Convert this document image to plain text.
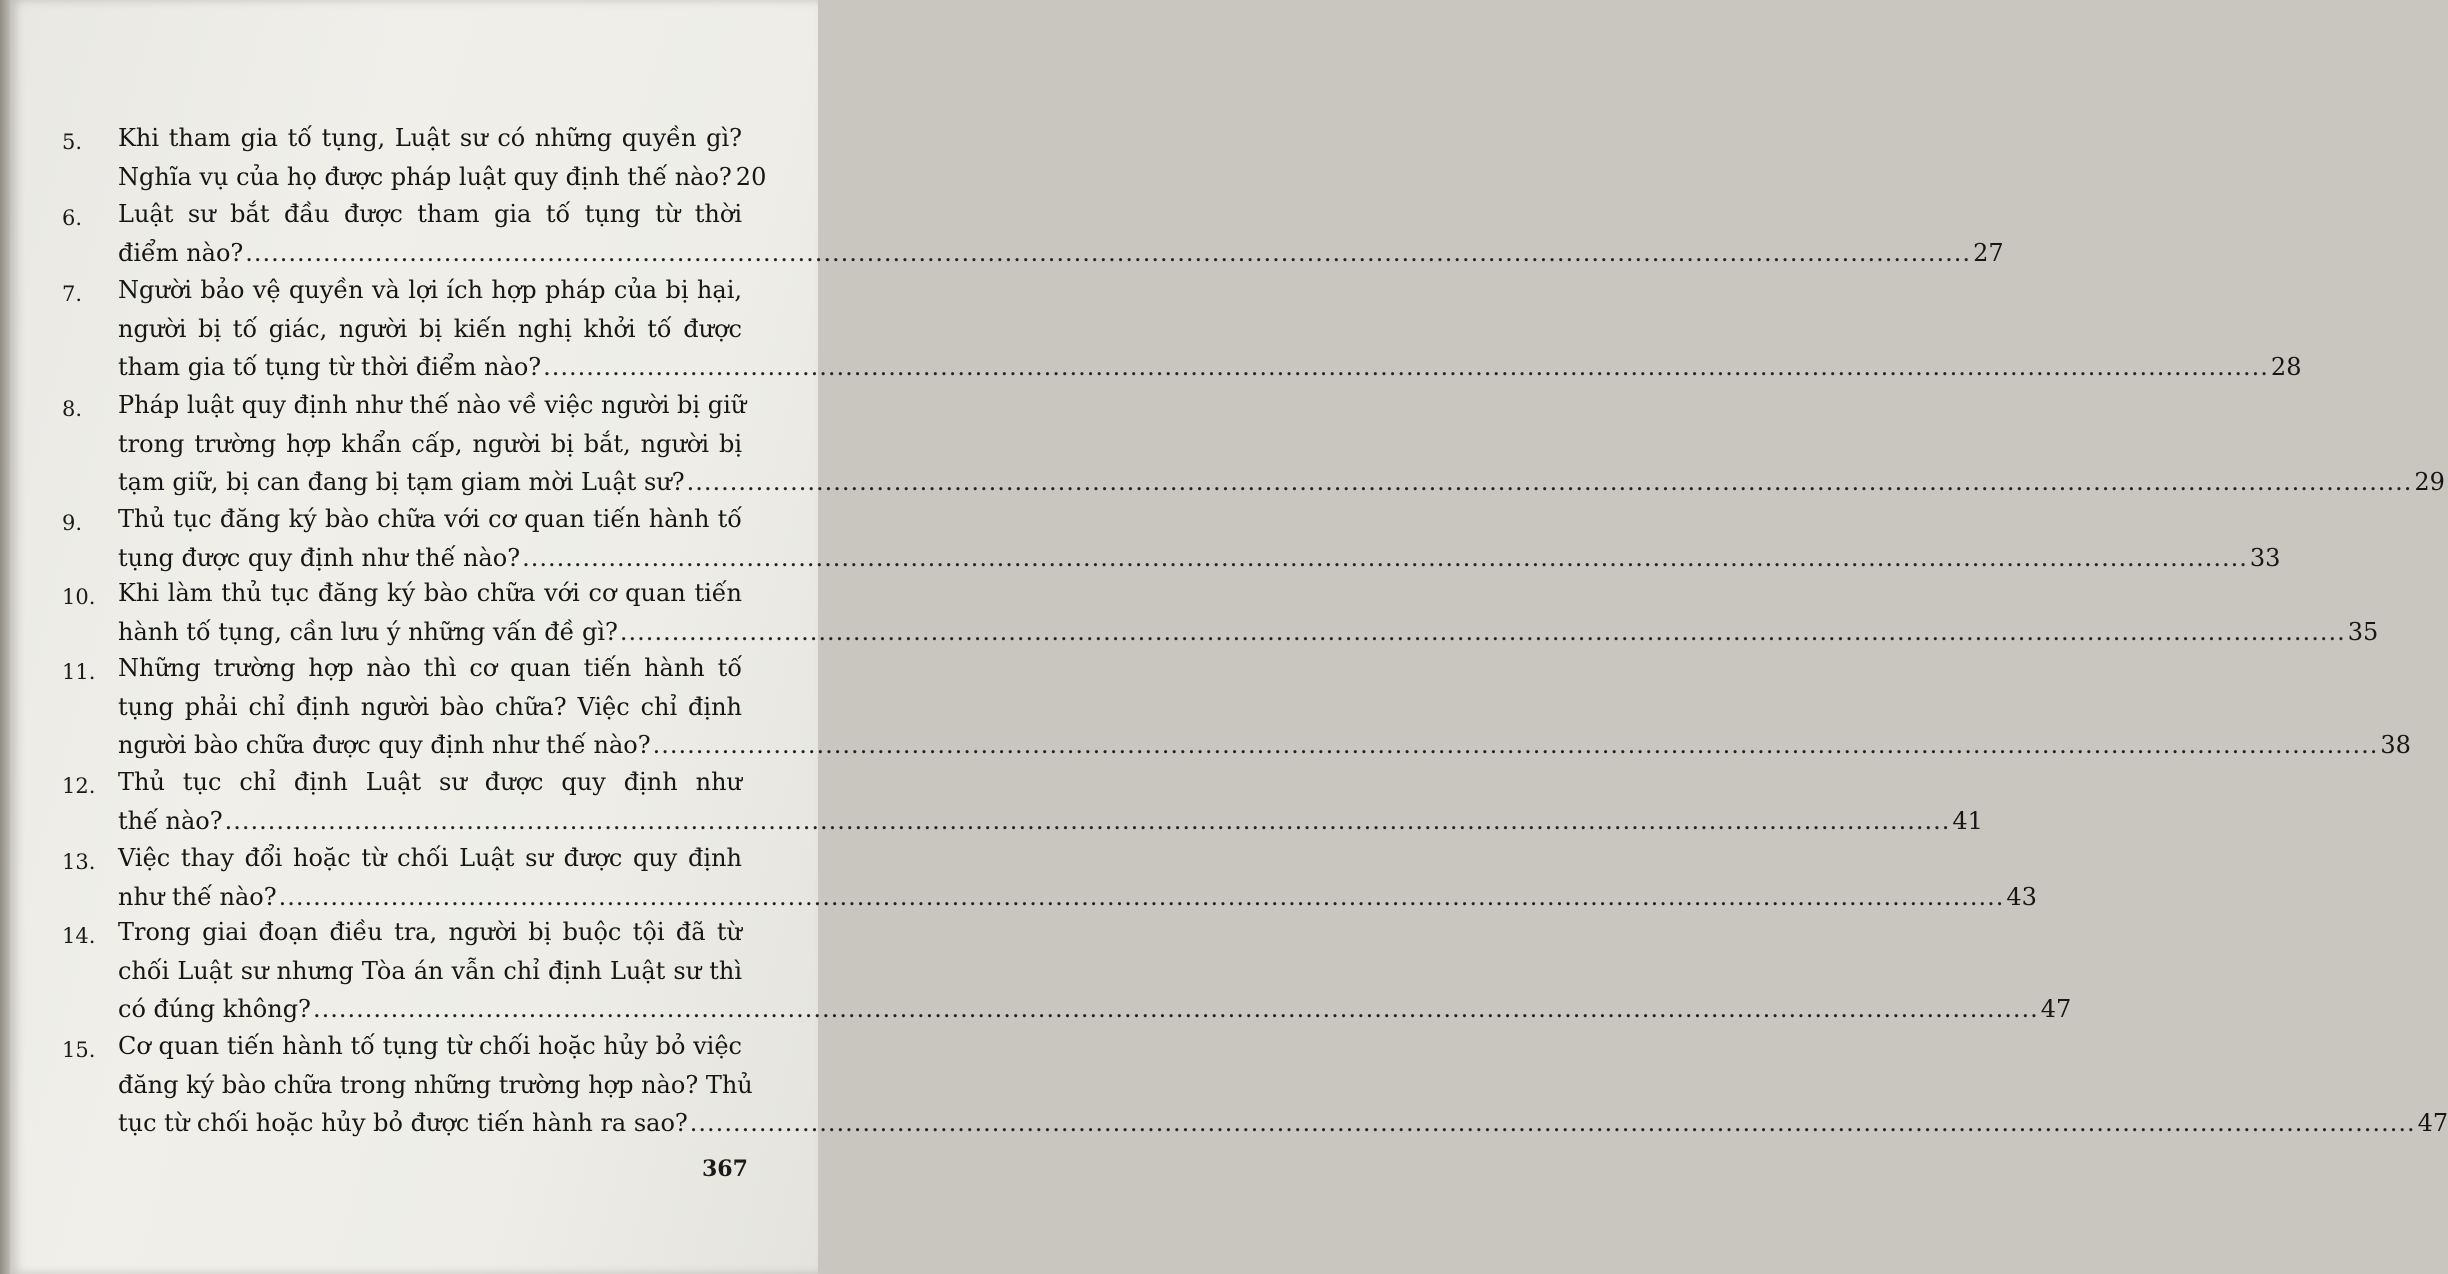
5.	Khi tham gia tố tụng, Luật sư có những quyền gì?
Nghĩa vụ của họ được pháp luật quy định thế nào? 20
6.	Luật sư bắt đầu được tham gia tố tụng từ thời
điểm nào? ........................................................................................................................................................................................................ 27
7.	Người bảo vệ quyền và lợi ích hợp pháp của bị hại,
người bị tố giác, người bị kiến nghị khởi tố được
tham gia tố tụng từ thời điểm nào? ........................................................................................................................................................................................................ 28
8.	Pháp luật quy định như thế nào về việc người bị giữ
trong trường hợp khẩn cấp, người bị bắt, người bị
tạm giữ, bị can đang bị tạm giam mời Luật sư? ........................................................................................................................................................................................................ 29
9.	Thủ tục đăng ký bào chữa với cơ quan tiến hành tố
tụng được quy định như thế nào? ........................................................................................................................................................................................................ 33
10. Khi làm thủ tục đăng ký bào chữa với cơ quan tiến
hành tố tụng, cần lưu ý những vấn đề gì? ........................................................................................................................................................................................................ 35
11. Những trường hợp nào thì cơ quan tiến hành tố
tụng phải chỉ định người bào chữa? Việc chỉ định
người bào chữa được quy định như thế nào? ........................................................................................................................................................................................................ 38
12. Thủ tục chỉ định Luật sư được quy định như
thế nào? ........................................................................................................................................................................................................ 41
13. Việc thay đổi hoặc từ chối Luật sư được quy định
như thế nào? ........................................................................................................................................................................................................ 43
14. Trong giai đoạn điều tra, người bị buộc tội đã từ
chối Luật sư nhưng Tòa án vẫn chỉ định Luật sư thì
có đúng không? ........................................................................................................................................................................................................ 47
15. Cơ quan tiến hành tố tụng từ chối hoặc hủy bỏ việc
đăng ký bào chữa trong những trường hợp nào? Thủ
tục từ chối hoặc hủy bỏ được tiến hành ra sao? ........................................................................................................................................................................................................ 47
367
